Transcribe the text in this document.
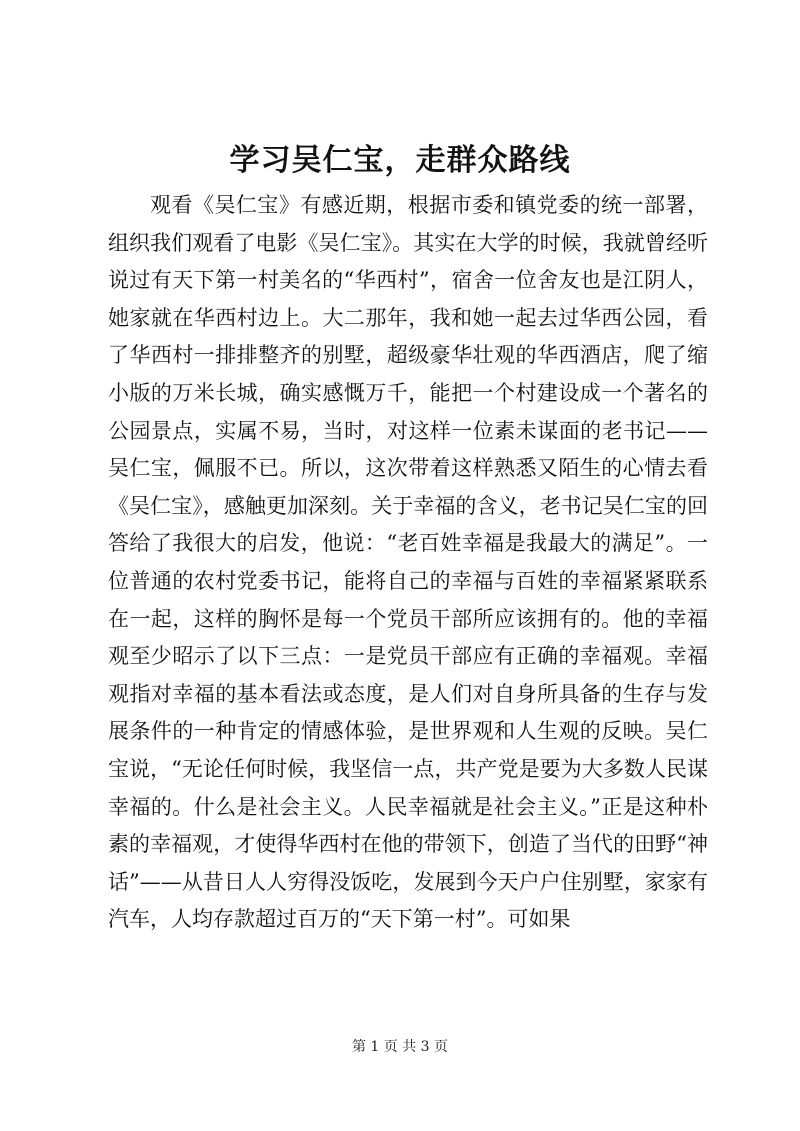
学习吴仁宝，走群众路线

观看《吴仁宝》有感近期，根据市委和镇党委的统一部署，组织我们观看了电影《吴仁宝》。其实在大学的时候，我就曾经听说过有天下第一村美名的“华西村”，宿舍一位舍友也是江阴人，她家就在华西村边上。大二那年，我和她一起去过华西公园，看了华西村一排排整齐的别墅，超级豪华壮观的华西酒店，爬了缩小版的万米长城，确实感慨万千，能把一个村建设成一个著名的公园景点，实属不易，当时，对这样一位素未谋面的老书记——吴仁宝，佩服不已。所以，这次带着这样熟悉又陌生的心情去看《吴仁宝》，感触更加深刻。关于幸福的含义，老书记吴仁宝的回答给了我很大的启发，他说：“老百姓幸福是我最大的满足”。一位普通的农村党委书记，能将自己的幸福与百姓的幸福紧紧联系在一起，这样的胸怀是每一个党员干部所应该拥有的。他的幸福观至少昭示了以下三点：一是党员干部应有正确的幸福观。幸福观指对幸福的基本看法或态度，是人们对自身所具备的生存与发展条件的一种肯定的情感体验，是世界观和人生观的反映。吴仁宝说，“无论任何时候，我坚信一点，共产党是要为大多数人民谋幸福的。什么是社会主义。人民幸福就是社会主义。”正是这种朴素的幸福观，才使得华西村在他的带领下，创造了当代的田野“神话”——从昔日人人穷得没饭吃，发展到今天户户住别墅，家家有汽车，人均存款超过百万的“天下第一村”。可如果

第 1 页 共 3 页
